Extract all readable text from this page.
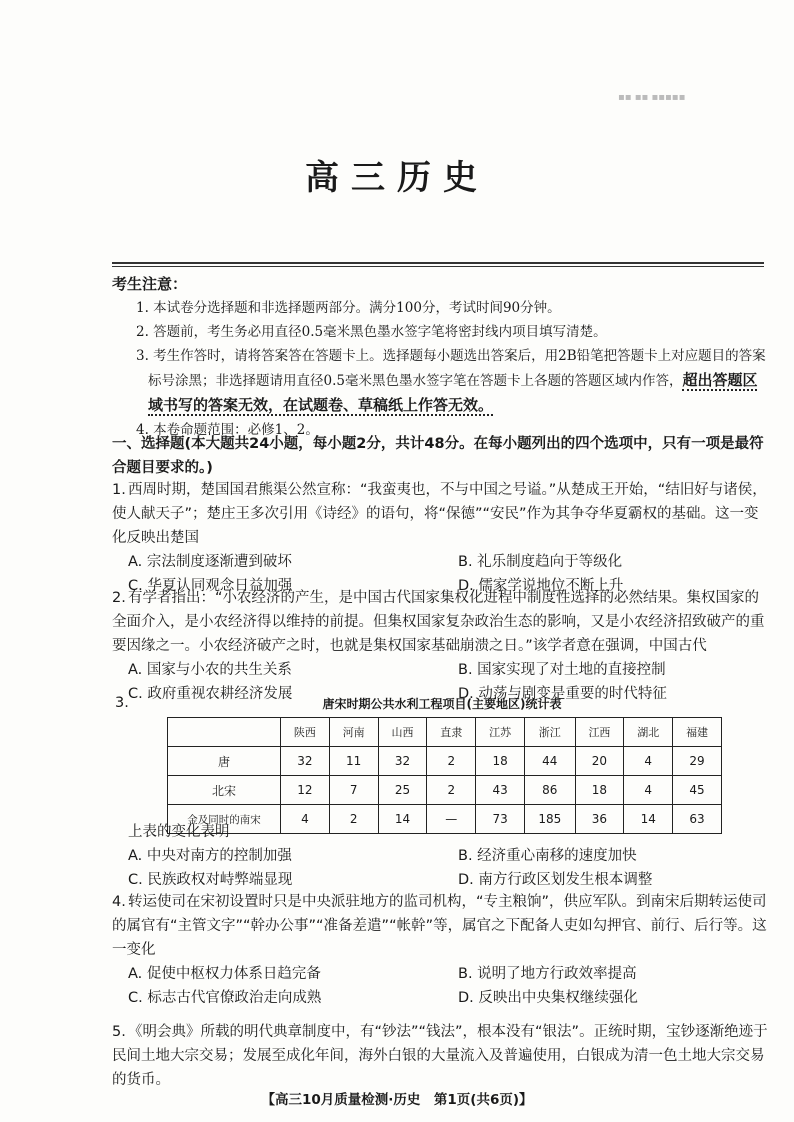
▪▪ ▪▪ ▪▪▪▪▪
高三历史
考生注意：
1. 本试卷分选择题和非选择题两部分。满分100分，考试时间90分钟。
2. 答题前，考生务必用直径0.5毫米黑色墨水签字笔将密封线内项目填写清楚。
3. 考生作答时，请将答案答在答题卡上。选择题每小题选出答案后，用2B铅笔把答题卡上对应题目的答案标号涂黑；非选择题请用直径0.5毫米黑色墨水签字笔在答题卡上各题的答题区域内作答，超出答题区域书写的答案无效，在试题卷、草稿纸上作答无效。
4. 本卷命题范围：必修1、2。
一、选择题(本大题共24小题，每小题2分，共计48分。在每小题列出的四个选项中，只有一项是最符合题目要求的。)
1. 西周时期，楚国国君熊渠公然宣称：“我蛮夷也，不与中国之号谥。”从楚成王开始，“结旧好与诸侯，使人献天子”；楚庄王多次引用《诗经》的语句，将“保德”“安民”作为其争夺华夏霸权的基础。这一变化反映出楚国
A. 宗法制度逐渐遭到破坏	B. 礼乐制度趋向于等级化
C. 华夏认同观念日益加强	D. 儒家学说地位不断上升
2. 有学者指出：“小农经济的产生，是中国古代国家集权化进程中制度性选择的必然结果。集权国家的全面介入，是小农经济得以维持的前提。但集权国家复杂政治生态的影响，又是小农经济招致破产的重要因缘之一。小农经济破产之时，也就是集权国家基础崩溃之日。”该学者意在强调，中国古代
A. 国家与小农的共生关系	B. 国家实现了对土地的直接控制
C. 政府重视农耕经济发展	D. 动荡与剧变是重要的时代特征
3.	唐宋时期公共水利工程项目(主要地区)统计表
	陕西	河南	山西	直隶	江苏	浙江	江西	湖北	福建
唐	32	11	32	2	18	44	20	4	29
北宋	12	7	25	2	43	86	18	4	45
金及同时的南宋	4	2	14	—	73	185	36	14	63
上表的变化表明
A. 中央对南方的控制加强	B. 经济重心南移的速度加快
C. 民族政权对峙弊端显现	D. 南方行政区划发生根本调整
4. 转运使司在宋初设置时只是中央派驻地方的监司机构，“专主粮饷”，供应军队。到南宋后期转运使司的属官有“主管文字”“幹办公事”“准备差遣”“帐幹”等，属官之下配备人吏如勾押官、前行、后行等。这一变化
A. 促使中枢权力体系日趋完备	B. 说明了地方行政效率提高
C. 标志古代官僚政治走向成熟	D. 反映出中央集权继续强化
5. 《明会典》所载的明代典章制度中，有“钞法”“钱法”，根本没有“银法”。正统时期，宝钞逐渐绝迹于民间土地大宗交易；发展至成化年间，海外白银的大量流入及普遍使用，白银成为清一色土地大宗交易的货币。
【高三10月质量检测·历史　第1页(共6页)】
